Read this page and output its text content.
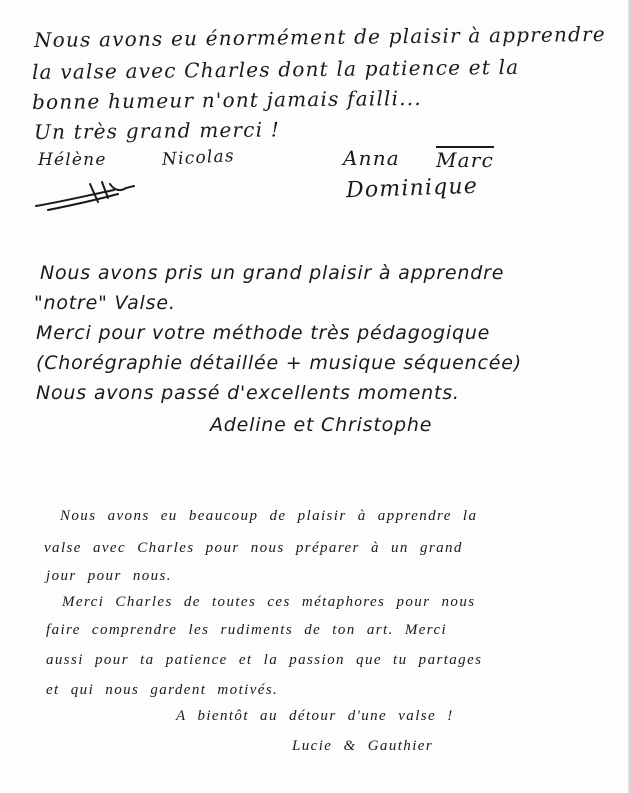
Nous avons eu énormément de plaisir à apprendre
la valse avec Charles dont la patience et la
bonne humeur n'ont jamais failli...
Un très grand merci !
Hélène	Nicolas	Anna Marc
Dominique
Nous avons pris un grand plaisir à apprendre
"notre" Valse.
Merci pour votre méthode très pédagogique
(Chorégraphie détaillée + musique séquencée)
Nous avons passé d'excellents moments.
Adeline et Christophe
Nous avons eu beaucoup de plaisir à apprendre la
valse avec Charles pour nous préparer à un grand
jour pour nous.
Merci Charles de toutes ces métaphores pour nous
faire comprendre les rudiments de ton art. Merci
aussi pour ta patience et la passion que tu partages
et qui nous gardent motivés.
A bientôt au détour d'une valse !
Lucie & Gauthier
